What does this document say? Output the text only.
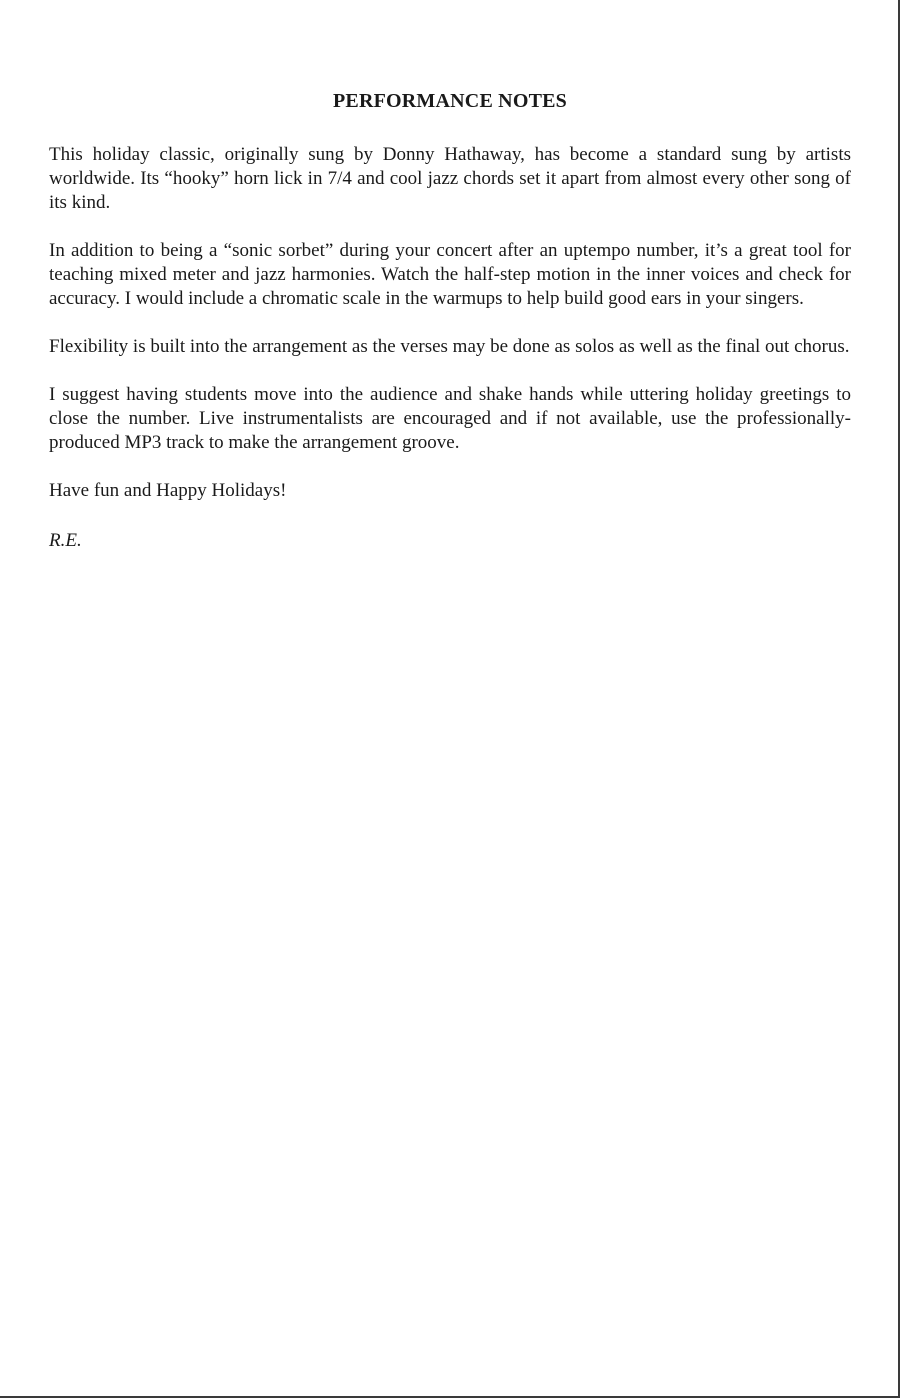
PERFORMANCE NOTES

This holiday classic, originally sung by Donny Hathaway, has become a standard sung by artists worldwide. Its “hooky” horn lick in 7/4 and cool jazz chords set it apart from almost every other song of its kind.

In addition to being a “sonic sorbet” during your concert after an uptempo number, it’s a great tool for teaching mixed meter and jazz harmonies. Watch the half-step motion in the inner voices and check for accuracy. I would include a chromatic scale in the warmups to help build good ears in your singers.

Flexibility is built into the arrangement as the verses may be done as solos as well as the final out chorus.

I suggest having students move into the audience and shake hands while uttering holiday greetings to close the number. Live instrumentalists are encouraged and if not available, use the professionally-produced MP3 track to make the arrangement groove.

Have fun and Happy Holidays!

R.E.
